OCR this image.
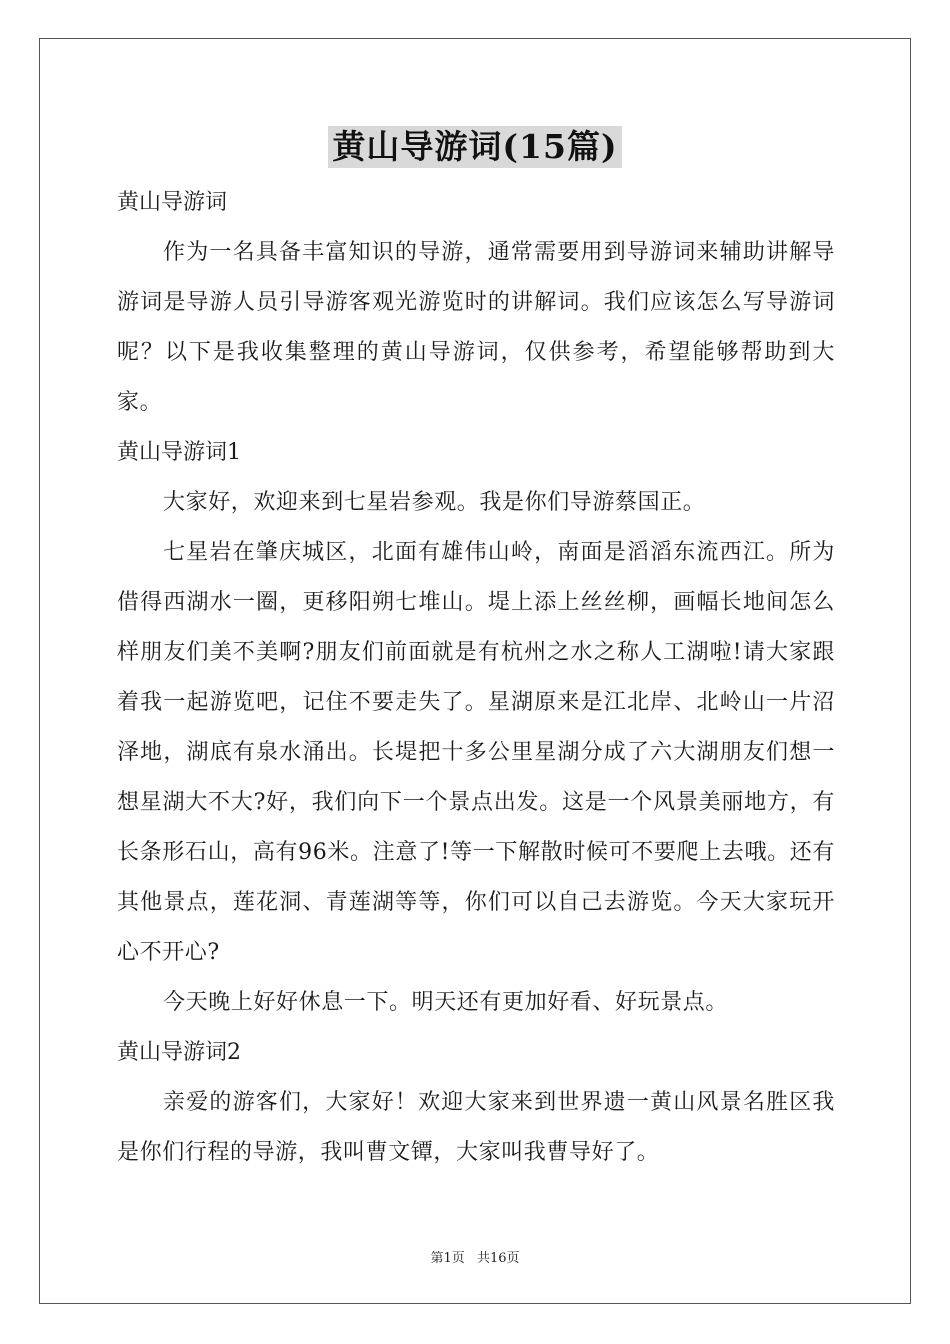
黄山导游词(15篇)
黄山导游词
作为一名具备丰富知识的导游，通常需要用到导游词来辅助讲解导游词是导游人员引导游客观光游览时的讲解词。我们应该怎么写导游词呢？以下是我收集整理的黄山导游词，仅供参考，希望能够帮助到大家。
黄山导游词1
大家好，欢迎来到七星岩参观。我是你们导游蔡国正。
七星岩在肇庆城区，北面有雄伟山岭，南面是滔滔东流西江。所为借得西湖水一圈，更移阳朔七堆山。堤上添上丝丝柳，画幅长地间怎么样朋友们美不美啊?朋友们前面就是有杭州之水之称人工湖啦!请大家跟着我一起游览吧，记住不要走失了。星湖原来是江北岸、北岭山一片沼泽地，湖底有泉水涌出。长堤把十多公里星湖分成了六大湖朋友们想一想星湖大不大?好，我们向下一个景点出发。这是一个风景美丽地方，有长条形石山，高有96米。注意了!等一下解散时候可不要爬上去哦。还有其他景点，莲花洞、青莲湖等等，你们可以自己去游览。今天大家玩开心不开心?
今天晚上好好休息一下。明天还有更加好看、好玩景点。
黄山导游词2
亲爱的游客们，大家好！欢迎大家来到世界遗一黄山风景名胜区我是你们行程的导游，我叫曹文镡，大家叫我曹导好了。
第1页 共16页
